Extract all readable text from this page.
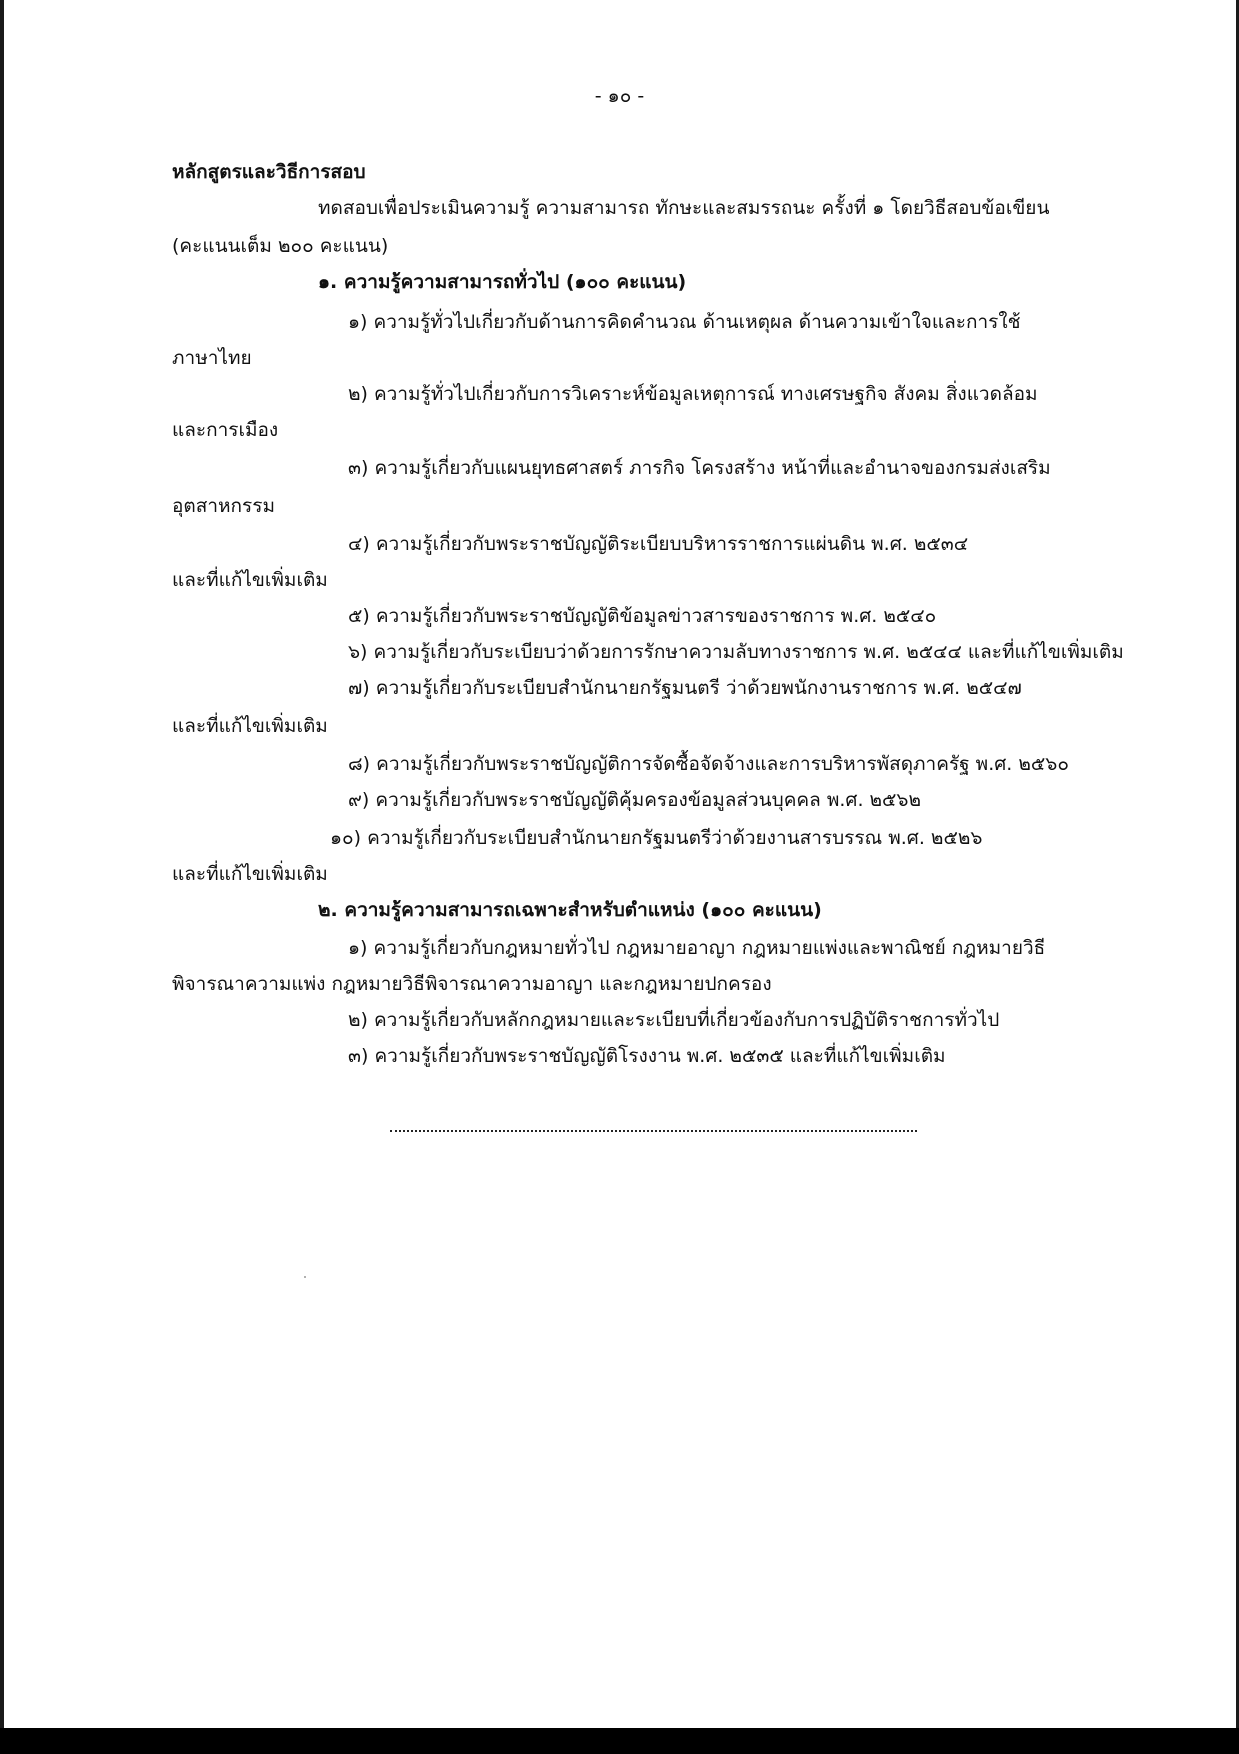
- ๑๐ -
หลักสูตรและวิธีการสอบ
ทดสอบเพื่อประเมินความรู้ ความสามารถ ทักษะและสมรรถนะ ครั้งที่ ๑ โดยวิธีสอบข้อเขียน
(คะแนนเต็ม ๒๐๐ คะแนน)
๑. ความรู้ความสามารถทั่วไป (๑๐๐ คะแนน)
๑) ความรู้ทั่วไปเกี่ยวกับด้านการคิดคำนวณ ด้านเหตุผล ด้านความเข้าใจและการใช้
ภาษาไทย
๒) ความรู้ทั่วไปเกี่ยวกับการวิเคราะห์ข้อมูลเหตุการณ์ ทางเศรษฐกิจ สังคม สิ่งแวดล้อม
และการเมือง
๓) ความรู้เกี่ยวกับแผนยุทธศาสตร์ ภารกิจ โครงสร้าง หน้าที่และอำนาจของกรมส่งเสริม
อุตสาหกรรม
๔) ความรู้เกี่ยวกับพระราชบัญญัติระเบียบบริหารราชการแผ่นดิน พ.ศ. ๒๕๓๔
และที่แก้ไขเพิ่มเติม
๕) ความรู้เกี่ยวกับพระราชบัญญัติข้อมูลข่าวสารของราชการ พ.ศ. ๒๕๔๐
๖) ความรู้เกี่ยวกับระเบียบว่าด้วยการรักษาความลับทางราชการ พ.ศ. ๒๕๔๔ และที่แก้ไขเพิ่มเติม
๗) ความรู้เกี่ยวกับระเบียบสำนักนายกรัฐมนตรี ว่าด้วยพนักงานราชการ พ.ศ. ๒๕๔๗
และที่แก้ไขเพิ่มเติม
๘) ความรู้เกี่ยวกับพระราชบัญญัติการจัดซื้อจัดจ้างและการบริหารพัสดุภาครัฐ พ.ศ. ๒๕๖๐
๙) ความรู้เกี่ยวกับพระราชบัญญัติคุ้มครองข้อมูลส่วนบุคคล พ.ศ. ๒๕๖๒
๑๐) ความรู้เกี่ยวกับระเบียบสำนักนายกรัฐมนตรีว่าด้วยงานสารบรรณ พ.ศ. ๒๕๒๖
และที่แก้ไขเพิ่มเติม
๒. ความรู้ความสามารถเฉพาะสำหรับตำแหน่ง (๑๐๐ คะแนน)
๑) ความรู้เกี่ยวกับกฎหมายทั่วไป กฎหมายอาญา กฎหมายแพ่งและพาณิชย์ กฎหมายวิธี
พิจารณาความแพ่ง กฎหมายวิธีพิจารณาความอาญา และกฎหมายปกครอง
๒) ความรู้เกี่ยวกับหลักกฎหมายและระเบียบที่เกี่ยวข้องกับการปฏิบัติราชการทั่วไป
๓) ความรู้เกี่ยวกับพระราชบัญญัติโรงงาน พ.ศ. ๒๕๓๕ และที่แก้ไขเพิ่มเติม
